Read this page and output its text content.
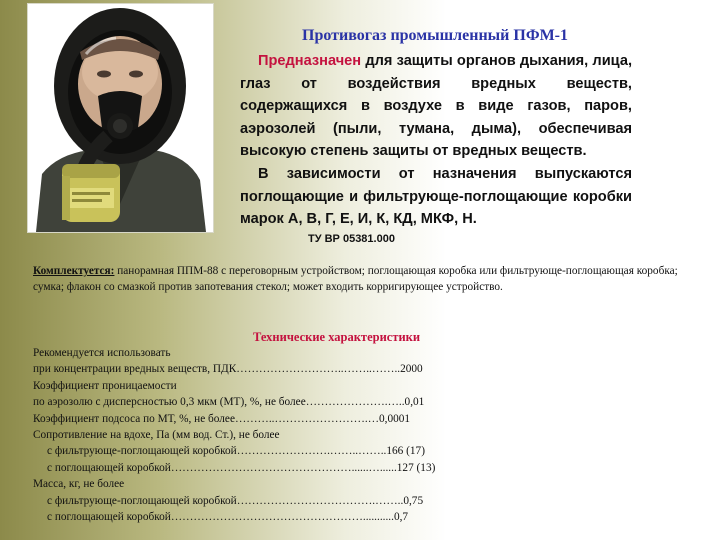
Противогаз промышленный ПФМ-1

Предназначен для защиты органов дыхания, лица, глаз от воздействия вредных веществ, содержащихся в воздухе в виде газов, паров, аэрозолей (пыли, тумана, дыма), обеспечивая высокую степень защиты от вредных веществ.

В зависимости от назначения выпускаются поглощающие и фильтрующе-поглощающие коробки марок А, В, Г, Е, И, К, КД, МКФ, Н.

ТУ ВР 05381.000
Комплектуется: панорамная ППМ-88 с переговорным устройством; поглощающая коробка или фильтрующе-поглощающая коробка; сумка; флакон со смазкой против запотевания стекол; может входить корригирующее устройство.
Технические характеристики
Рекомендуется использовать
при концентрации вредных веществ, ПДК………………………..……..……..2000
Коэффициент проницаемости
по аэрозолю с дисперсностью 0,3 мкм (МТ), %, не более………………….…..0,01
Коэффициент подсоса по МТ, %, не более………..…………………….…0,0001
Сопротивление на вдохе, Па (мм вод. Ст.), не более
с фильтрующе-поглощающей коробкой…………………….……..……..166 (17)
с поглощающей коробкой…………………………………………......…......127 (13)
Масса, кг, не более
с фильтрующе-поглощающей коробкой……………………………….……..0,75
с поглощающей коробкой……………………………………………...........0,7
